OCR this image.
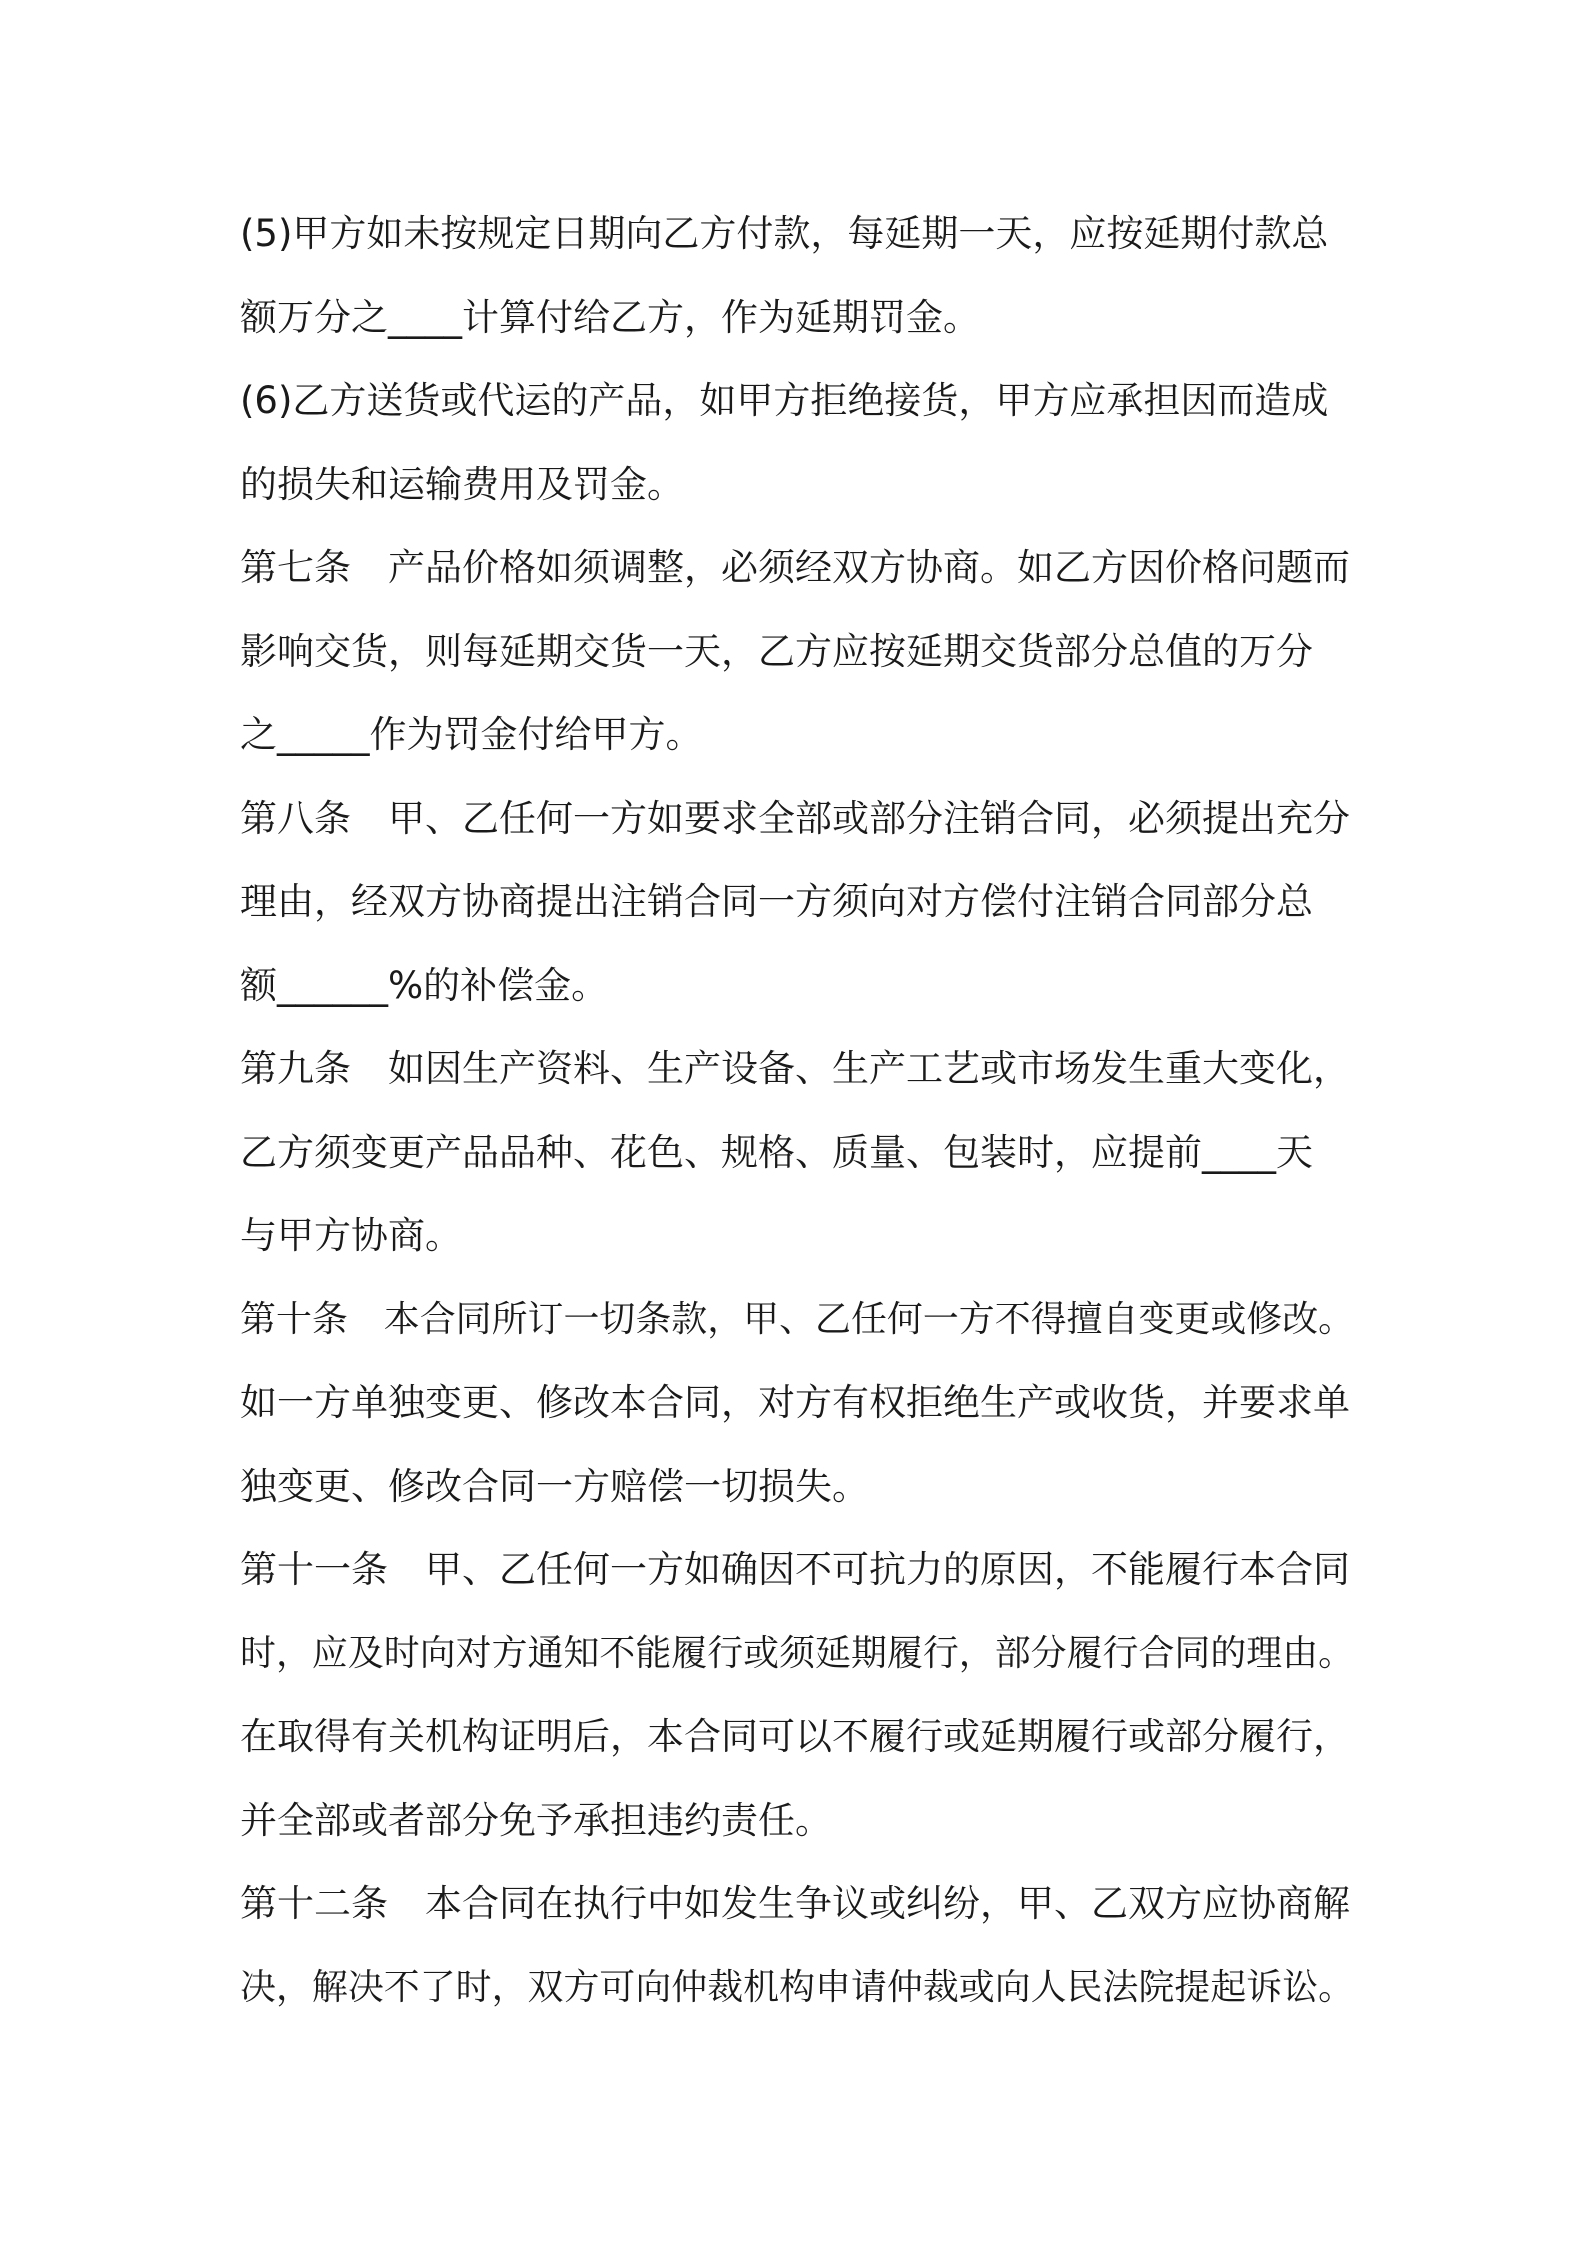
(5)甲方如未按规定日期向乙方付款，每延期一天，应按延期付款总
额万分之____计算付给乙方，作为延期罚金。
(6)乙方送货或代运的产品，如甲方拒绝接货，甲方应承担因而造成
的损失和运输费用及罚金。
第七条　产品价格如须调整，必须经双方协商。如乙方因价格问题而
影响交货，则每延期交货一天，乙方应按延期交货部分总值的万分
之_____作为罚金付给甲方。
第八条　甲、乙任何一方如要求全部或部分注销合同，必须提出充分
理由，经双方协商提出注销合同一方须向对方偿付注销合同部分总
额______%的补偿金。
第九条　如因生产资料、生产设备、生产工艺或市场发生重大变化，
乙方须变更产品品种、花色、规格、质量、包装时，应提前____天
与甲方协商。
第十条　本合同所订一切条款，甲、乙任何一方不得擅自变更或修改。
如一方单独变更、修改本合同，对方有权拒绝生产或收货，并要求单
独变更、修改合同一方赔偿一切损失。
第十一条　甲、乙任何一方如确因不可抗力的原因，不能履行本合同
时，应及时向对方通知不能履行或须延期履行，部分履行合同的理由。
在取得有关机构证明后，本合同可以不履行或延期履行或部分履行，
并全部或者部分免予承担违约责任。
第十二条　本合同在执行中如发生争议或纠纷，甲、乙双方应协商解
决，解决不了时，双方可向仲裁机构申请仲裁或向人民法院提起诉讼。
